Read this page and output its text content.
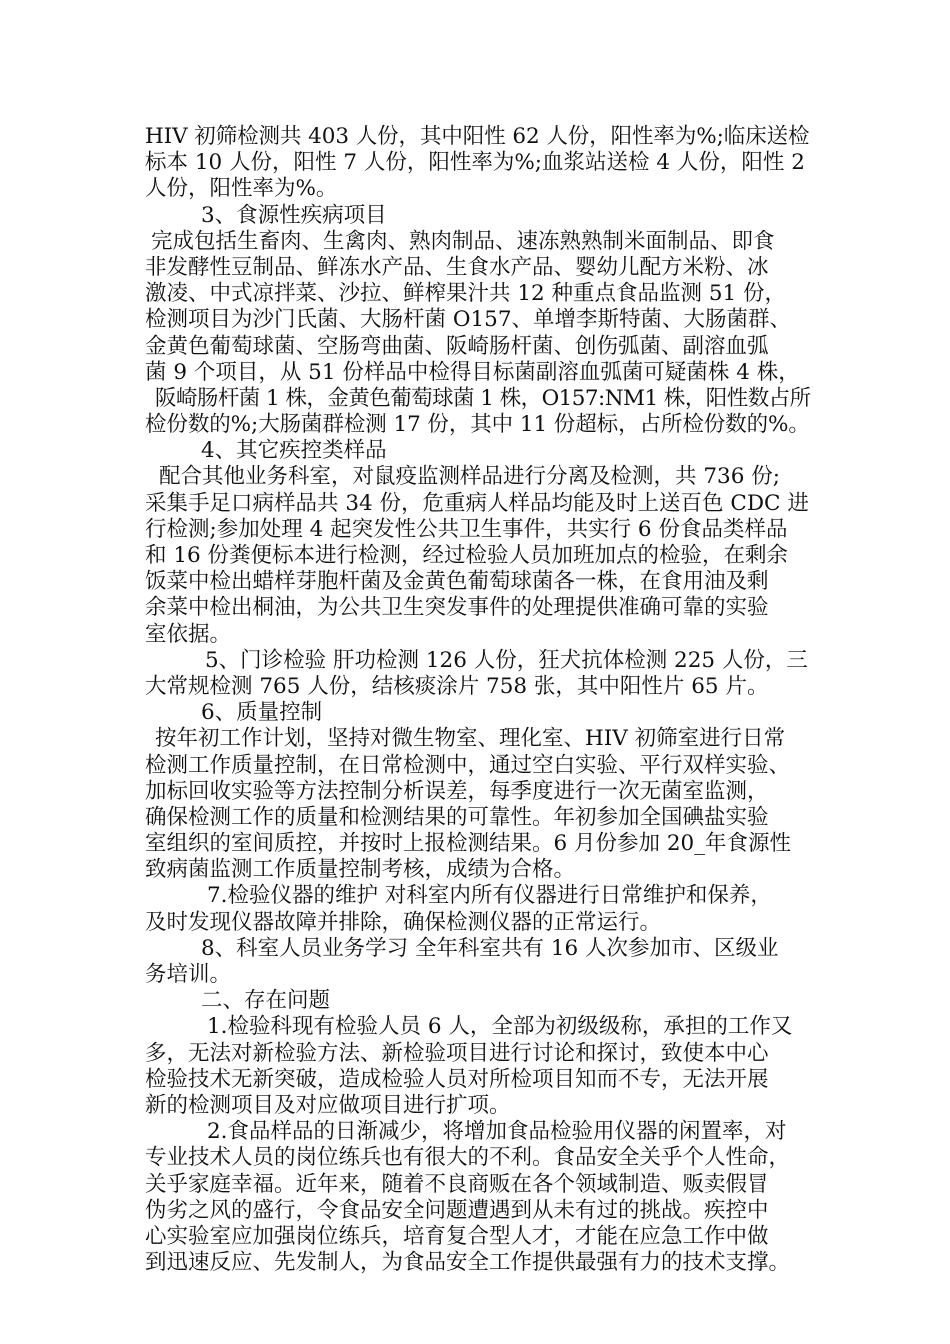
HIV 初筛检测共 403 人份，其中阳性 62 人份，阳性率为%;临床送检
标本 10 人份，阳性 7 人份，阳性率为%;血浆站送检 4 人份，阳性 2
人份，阳性率为%。
3、食源性疾病项目
完成包括生畜肉、生禽肉、熟肉制品、速冻熟熟制米面制品、即食
非发酵性豆制品、鲜冻水产品、生食水产品、婴幼儿配方米粉、冰
激凌、中式凉拌菜、沙拉、鲜榨果汁共 12 种重点食品监测 51 份，
检测项目为沙门氏菌、大肠杆菌 O157、单增李斯特菌、大肠菌群、
金黄色葡萄球菌、空肠弯曲菌、阪崎肠杆菌、创伤弧菌、副溶血弧
菌 9 个项目，从 51 份样品中检得目标菌副溶血弧菌可疑菌株 4 株，
阪崎肠杆菌 1 株，金黄色葡萄球菌 1 株，O157:NM1 株，阳性数占所
检份数的%;大肠菌群检测 17 份，其中 11 份超标，占所检份数的%。
4、其它疾控类样品
配合其他业务科室，对鼠疫监测样品进行分离及检测，共 736 份;
采集手足口病样品共 34 份，危重病人样品均能及时上送百色 CDC 进
行检测;参加处理 4 起突发性公共卫生事件，共实行 6 份食品类样品
和 16 份粪便标本进行检测，经过检验人员加班加点的检验，在剩余
饭菜中检出蜡样芽胞杆菌及金黄色葡萄球菌各一株，在食用油及剩
余菜中检出桐油，为公共卫生突发事件的处理提供准确可靠的实验
室依据。
5、门诊检验 肝功检测 126 人份，狂犬抗体检测 225 人份，三
大常规检测 765 人份，结核痰涂片 758 张，其中阳性片 65 片。
6、质量控制
按年初工作计划，坚持对微生物室、理化室、HIV 初筛室进行日常
检测工作质量控制，在日常检测中，通过空白实验、平行双样实验、
加标回收实验等方法控制分析误差，每季度进行一次无菌室监测，
确保检测工作的质量和检测结果的可靠性。年初参加全国碘盐实验
室组织的室间质控，并按时上报检测结果。6 月份参加 20_年食源性
致病菌监测工作质量控制考核，成绩为合格。
7.检验仪器的维护 对科室内所有仪器进行日常维护和保养，
及时发现仪器故障并排除，确保检测仪器的正常运行。
8、科室人员业务学习 全年科室共有 16 人次参加市、区级业
务培训。
二、存在问题
1.检验科现有检验人员 6 人，全部为初级级称，承担的工作又
多，无法对新检验方法、新检验项目进行讨论和探讨，致使本中心
检验技术无新突破，造成检验人员对所检项目知而不专，无法开展
新的检测项目及对应做项目进行扩项。
2.食品样品的日渐减少，将增加食品检验用仪器的闲置率，对
专业技术人员的岗位练兵也有很大的不利。食品安全关乎个人性命，
关乎家庭幸福。近年来，随着不良商贩在各个领域制造、贩卖假冒
伪劣之风的盛行，令食品安全问题遭遇到从未有过的挑战。疾控中
心实验室应加强岗位练兵，培育复合型人才，才能在应急工作中做
到迅速反应、先发制人，为食品安全工作提供最强有力的技术支撑。
